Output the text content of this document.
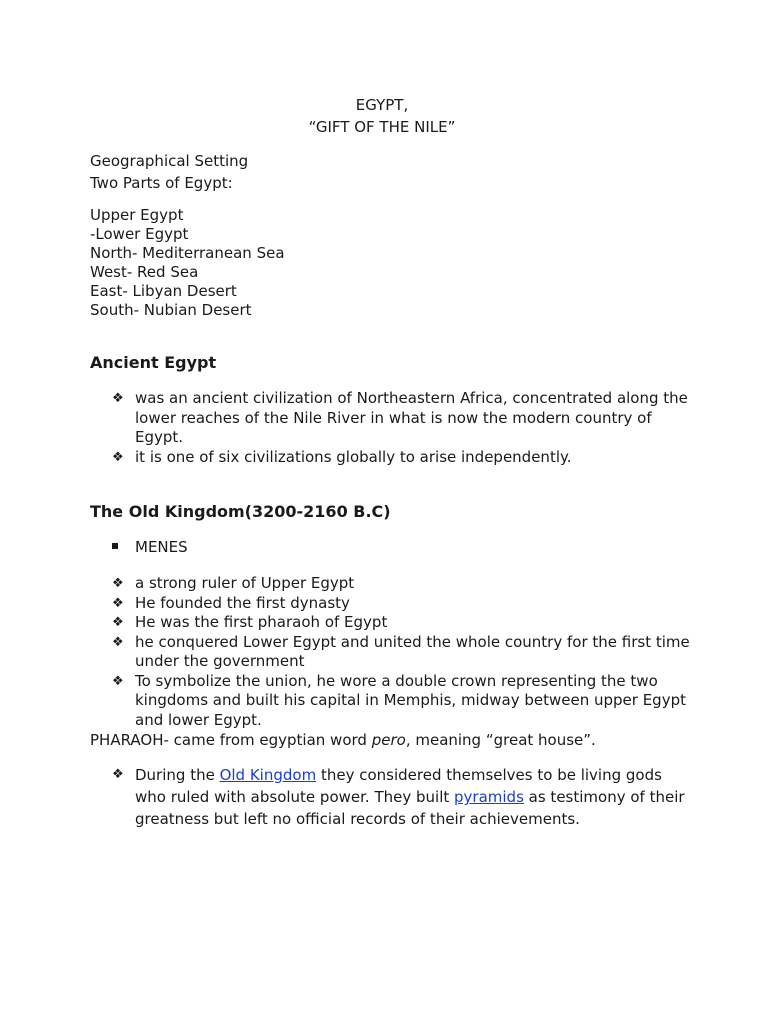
EGYPT,
“GIFT OF THE NILE”
Geographical Setting
Two Parts of Egypt:
Upper Egypt
-Lower Egypt
North- Mediterranean Sea
West- Red Sea
East- Libyan Desert
South- Nubian Desert
Ancient Egypt
❖ was an ancient civilization of Northeastern Africa, concentrated along the lower reaches of the Nile River in what is now the modern country of Egypt.
❖ it is one of six civilizations globally to arise independently.
The Old Kingdom(3200-2160 B.C)
MENES
❖ a strong ruler of Upper Egypt
❖ He founded the first dynasty
❖ He was the first pharaoh of Egypt
❖ he conquered Lower Egypt and united the whole country for the first time under the government
❖ To symbolize the union, he wore a double crown representing the two kingdoms and built his capital in Memphis, midway between upper Egypt and lower Egypt.
PHARAOH- came from egyptian word pero, meaning “great house”.
❖ During the Old Kingdom they considered themselves to be living gods who ruled with absolute power. They built pyramids as testimony of their greatness but left no official records of their achievements.
